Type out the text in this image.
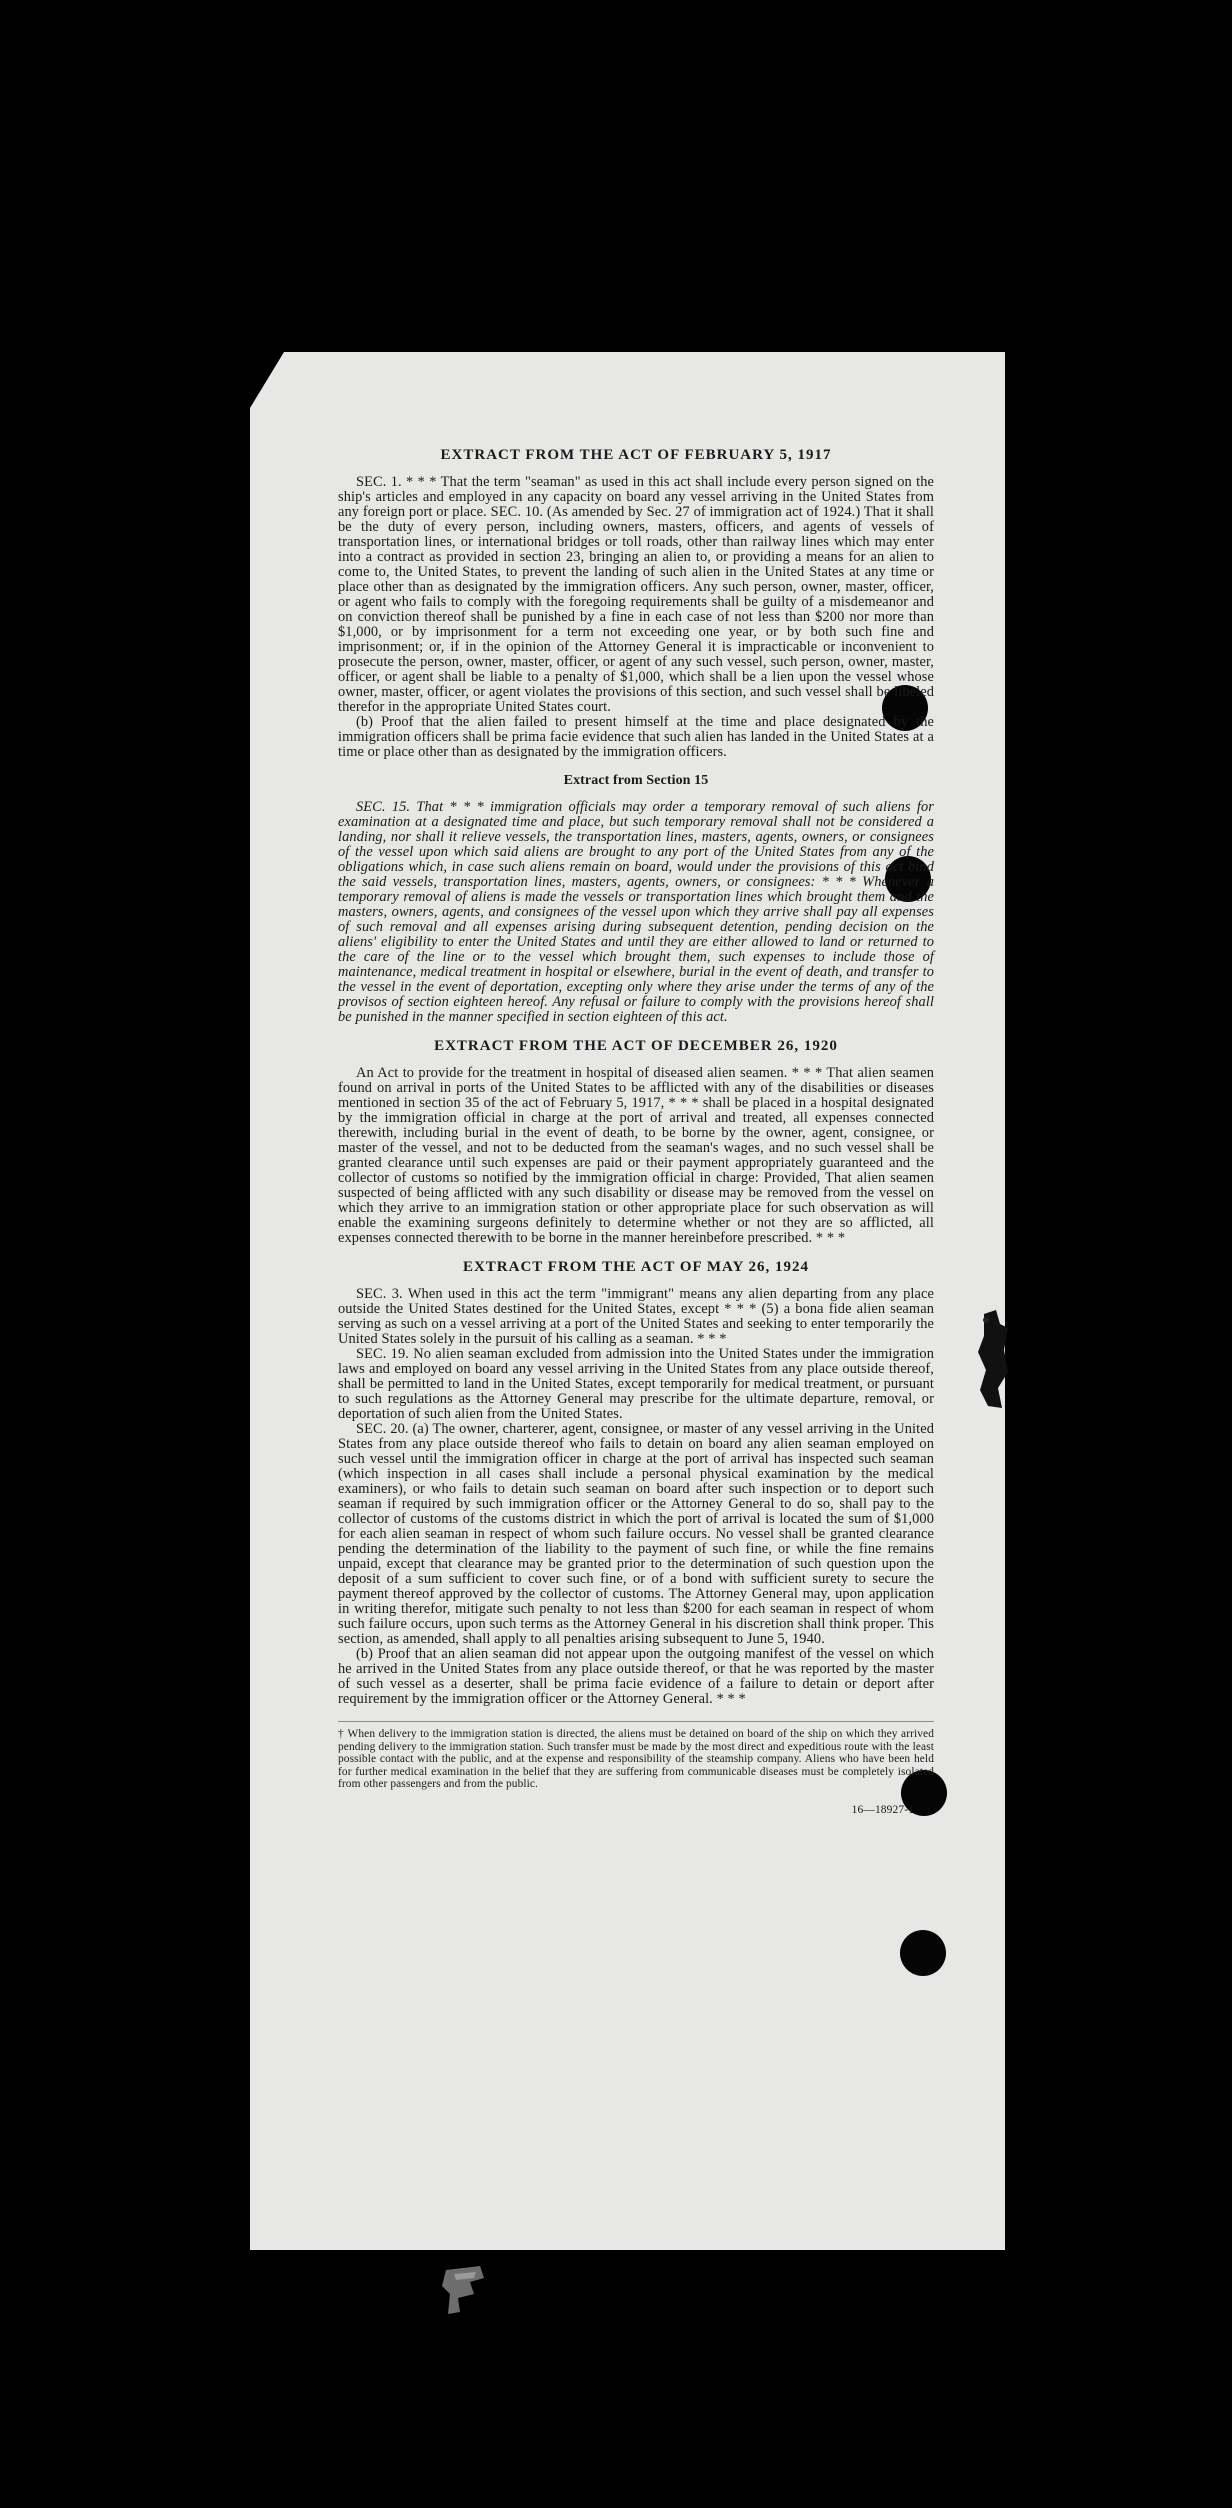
EXTRACT FROM THE ACT OF FEBRUARY 5, 1917

SEC. 1. * * * That the term "seaman" as used in this act shall include every person signed on the ship's articles and employed in any capacity on board any vessel arriving in the United States from any foreign port or place. SEC. 10. (As amended by Sec. 27 of immigration act of 1924.) That it shall be the duty of every person, including owners, masters, officers, and agents of vessels of transportation lines, or international bridges or toll roads, other than railway lines which may enter into a contract as provided in section 23, bringing an alien to, or providing a means for an alien to come to, the United States, to prevent the landing of such alien in the United States at any time or place other than as designated by the immigration officers. Any such person, owner, master, officer, or agent who fails to comply with the foregoing requirements shall be guilty of a misdemeanor and on conviction thereof shall be punished by a fine in each case of not less than $200 nor more than $1,000, or by imprisonment for a term not exceeding one year, or by both such fine and imprisonment; or, if in the opinion of the Attorney General it is impracticable or inconvenient to prosecute the person, owner, master, officer, or agent of any such vessel, such person, owner, master, officer, or agent shall be liable to a penalty of $1,000, which shall be a lien upon the vessel whose owner, master, officer, or agent violates the provisions of this section, and such vessel shall be libeled therefor in the appropriate United States court.

(b) Proof that the alien failed to present himself at the time and place designated by the immigration officers shall be prima facie evidence that such alien has landed in the United States at a time or place other than as designated by the immigration officers.

Extract from Section 15

SEC. 15. That * * * immigration officials may order a temporary removal of such aliens for examination at a designated time and place, but such temporary removal shall not be considered a landing, nor shall it relieve vessels, the transportation lines, masters, agents, owners, or consignees of the vessel upon which said aliens are brought to any port of the United States from any of the obligations which, in case such aliens remain on board, would under the provisions of this act bind the said vessels, transportation lines, masters, agents, owners, or consignees: * * * Whenever a temporary removal of aliens is made the vessels or transportation lines which brought them and the masters, owners, agents, and consignees of the vessel upon which they arrive shall pay all expenses of such removal and all expenses arising during subsequent detention, pending decision on the aliens' eligibility to enter the United States and until they are either allowed to land or returned to the care of the line or to the vessel which brought them, such expenses to include those of maintenance, medical treatment in hospital or elsewhere, burial in the event of death, and transfer to the vessel in the event of deportation, excepting only where they arise under the terms of any of the provisos of section eighteen hereof. Any refusal or failure to comply with the provisions hereof shall be punished in the manner specified in section eighteen of this act.

EXTRACT FROM THE ACT OF DECEMBER 26, 1920

An Act to provide for the treatment in hospital of diseased alien seamen. * * * That alien seamen found on arrival in ports of the United States to be afflicted with any of the disabilities or diseases mentioned in section 35 of the act of February 5, 1917, * * * shall be placed in a hospital designated by the immigration official in charge at the port of arrival and treated, all expenses connected therewith, including burial in the event of death, to be borne by the owner, agent, consignee, or master of the vessel, and not to be deducted from the seaman's wages, and no such vessel shall be granted clearance until such expenses are paid or their payment appropriately guaranteed and the collector of customs so notified by the immigration official in charge: Provided, That alien seamen suspected of being afflicted with any such disability or disease may be removed from the vessel on which they arrive to an immigration station or other appropriate place for such observation as will enable the examining surgeons definitely to determine whether or not they are so afflicted, all expenses connected therewith to be borne in the manner hereinbefore prescribed. * * *

EXTRACT FROM THE ACT OF MAY 26, 1924

SEC. 3. When used in this act the term "immigrant" means any alien departing from any place outside the United States destined for the United States, except * * * (5) a bona fide alien seaman serving as such on a vessel arriving at a port of the United States and seeking to enter temporarily the United States solely in the pursuit of his calling as a seaman. * * *

SEC. 19. No alien seaman excluded from admission into the United States under the immigration laws and employed on board any vessel arriving in the United States from any place outside thereof, shall be permitted to land in the United States, except temporarily for medical treatment, or pursuant to such regulations as the Attorney General may prescribe for the ultimate departure, removal, or deportation of such alien from the United States.

SEC. 20. (a) The owner, charterer, agent, consignee, or master of any vessel arriving in the United States from any place outside thereof who fails to detain on board any alien seaman employed on such vessel until the immigration officer in charge at the port of arrival has inspected such seaman (which inspection in all cases shall include a personal physical examination by the medical examiners), or who fails to detain such seaman on board after such inspection or to deport such seaman if required by such immigration officer or the Attorney General to do so, shall pay to the collector of customs of the customs district in which the port of arrival is located the sum of $1,000 for each alien seaman in respect of whom such failure occurs. No vessel shall be granted clearance pending the determination of the liability to the payment of such fine, or while the fine remains unpaid, except that clearance may be granted prior to the determination of such question upon the deposit of a sum sufficient to cover such fine, or of a bond with sufficient surety to secure the payment thereof approved by the collector of customs. The Attorney General may, upon application in writing therefor, mitigate such penalty to not less than $200 for each seaman in respect of whom such failure occurs, upon such terms as the Attorney General in his discretion shall think proper. This section, as amended, shall apply to all penalties arising subsequent to June 5, 1940.

(b) Proof that an alien seaman did not appear upon the outgoing manifest of the vessel on which he arrived in the United States from any place outside thereof, or that he was reported by the master of such vessel as a deserter, shall be prima facie evidence of a failure to detain or deport after requirement by the immigration officer or the Attorney General. * * *

† When delivery to the immigration station is directed, the aliens must be detained on board of the ship on which they arrived pending delivery to the immigration station. Such transfer must be made by the most direct and expeditious route with the least possible contact with the public, and at the expense and responsibility of the steamship company. Aliens who have been held for further medical examination in the belief that they are suffering from communicable diseases must be completely isolated from other passengers and from the public.
16—18927-1
